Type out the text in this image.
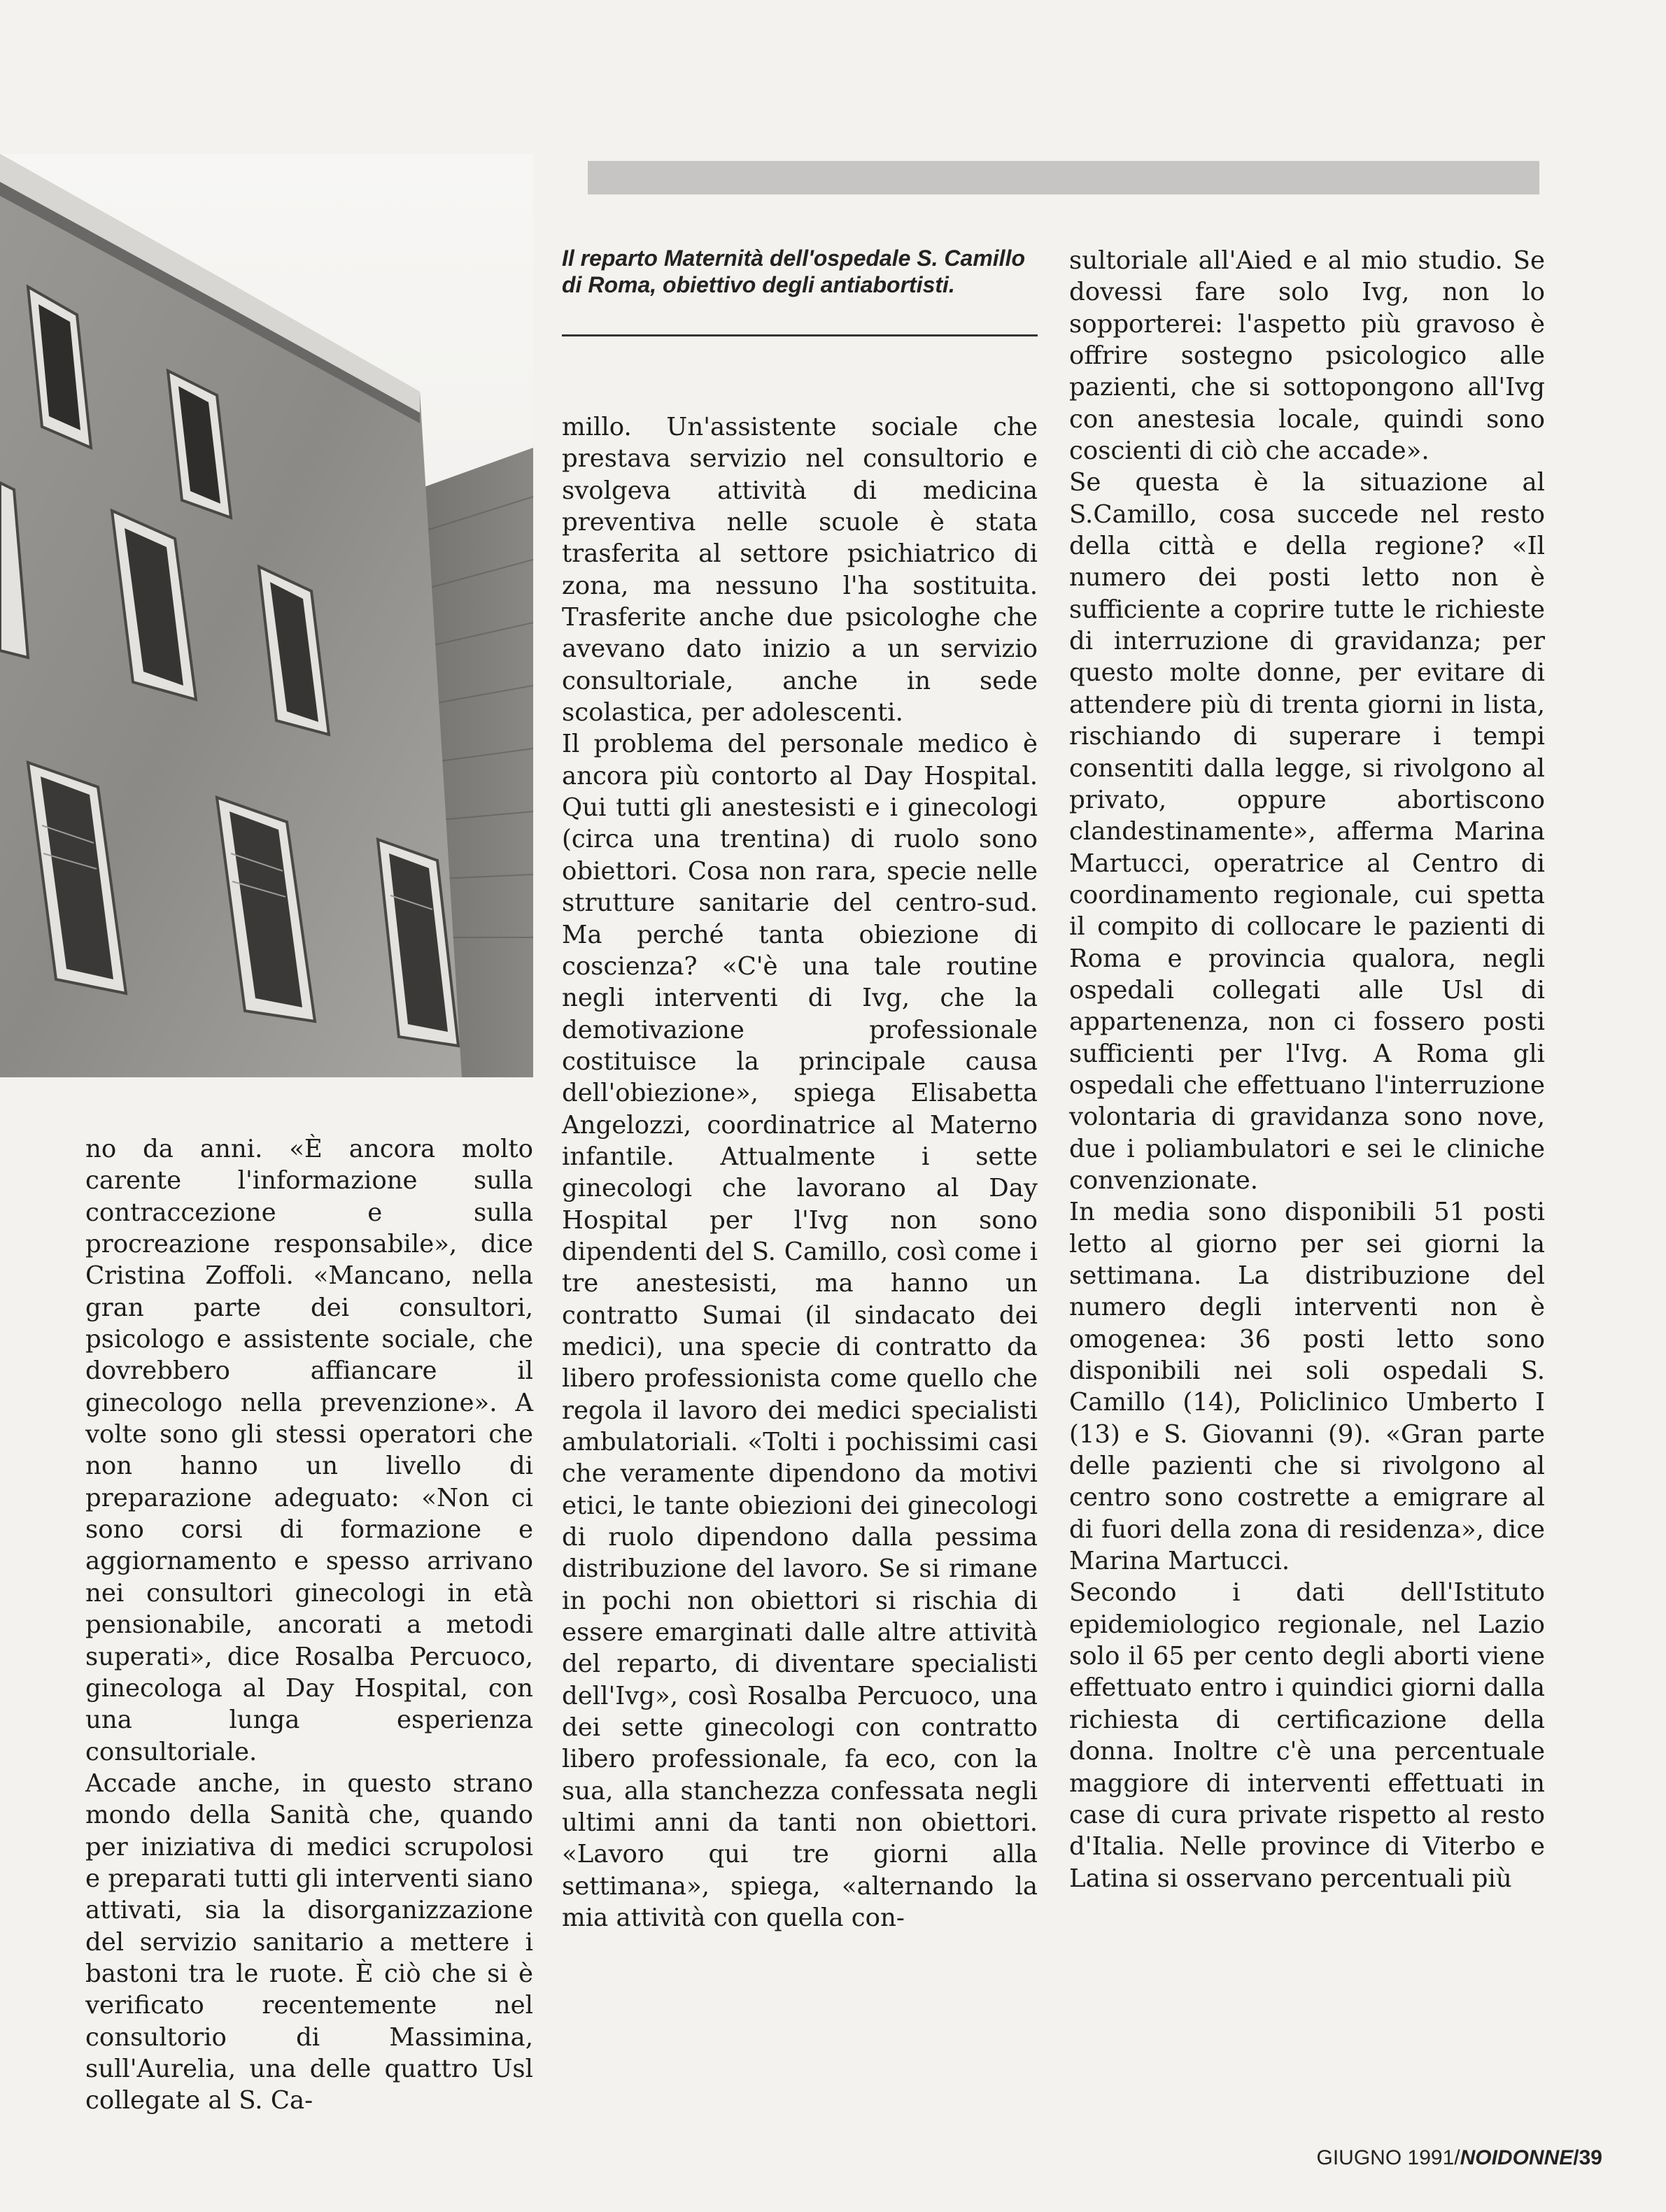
Il reparto Maternità dell'ospedale S. Camillo di Roma, obiettivo degli antiabortisti.

no da anni. «È ancora molto carente l'informazione sulla contraccezione e sulla procreazione responsabile», dice Cristina Zoffoli. «Mancano, nella gran parte dei consultori, psicologo e assistente sociale, che dovrebbero affiancare il ginecologo nella prevenzione». A volte sono gli stessi operatori che non hanno un livello di preparazione adeguato: «Non ci sono corsi di formazione e aggiornamento e spesso arrivano nei consultori ginecologi in età pensionabile, ancorati a metodi superati», dice Rosalba Percuoco, ginecologa al Day Hospital, con una lunga esperienza consultoriale.

Accade anche, in questo strano mondo della Sanità che, quando per iniziativa di medici scrupolosi e preparati tutti gli interventi siano attivati, sia la disorganizzazione del servizio sanitario a mettere i bastoni tra le ruote. È ciò che si è verificato recentemente nel consultorio di Massimina, sull'Aurelia, una delle quattro Usl collegate al S. Ca-

millo. Un'assistente sociale che prestava servizio nel consultorio e svolgeva attività di medicina preventiva nelle scuole è stata trasferita al settore psichiatrico di zona, ma nessuno l'ha sostituita. Trasferite anche due psicologhe che avevano dato inizio a un servizio consultoriale, anche in sede scolastica, per adolescenti.

Il problema del personale medico è ancora più contorto al Day Hospital. Qui tutti gli anestesisti e i ginecologi (circa una trentina) di ruolo sono obiettori. Cosa non rara, specie nelle strutture sanitarie del centro-sud. Ma perché tanta obiezione di coscienza? «C'è una tale routine negli interventi di Ivg, che la demotivazione professionale costituisce la principale causa dell'obiezione», spiega Elisabetta Angelozzi, coordinatrice al Materno infantile. Attualmente i sette ginecologi che lavorano al Day Hospital per l'Ivg non sono dipendenti del S. Camillo, così come i tre anestesisti, ma hanno un contratto Sumai (il sindacato dei medici), una specie di contratto da libero professionista come quello che regola il lavoro dei medici specialisti ambulatoriali. «Tolti i pochissimi casi che veramente dipendono da motivi etici, le tante obiezioni dei ginecologi di ruolo dipendono dalla pessima distribuzione del lavoro. Se si rimane in pochi non obiettori si rischia di essere emarginati dalle altre attività del reparto, di diventare specialisti dell'Ivg», così Rosalba Percuoco, una dei sette ginecologi con contratto libero professionale, fa eco, con la sua, alla stanchezza confessata negli ultimi anni da tanti non obiettori. «Lavoro qui tre giorni alla settimana», spiega, «alternando la mia attività con quella con-

sultoriale all'Aied e al mio studio. Se dovessi fare solo Ivg, non lo sopporterei: l'aspetto più gravoso è offrire sostegno psicologico alle pazienti, che si sottopongono all'Ivg con anestesia locale, quindi sono coscienti di ciò che accade».

Se questa è la situazione al S.Camillo, cosa succede nel resto della città e della regione? «Il numero dei posti letto non è sufficiente a coprire tutte le richieste di interruzione di gravidanza; per questo molte donne, per evitare di attendere più di trenta giorni in lista, rischiando di superare i tempi consentiti dalla legge, si rivolgono al privato, oppure abortiscono clandestinamente», afferma Marina Martucci, operatrice al Centro di coordinamento regionale, cui spetta il compito di collocare le pazienti di Roma e provincia qualora, negli ospedali collegati alle Usl di appartenenza, non ci fossero posti sufficienti per l'Ivg. A Roma gli ospedali che effettuano l'interruzione volontaria di gravidanza sono nove, due i poliambulatori e sei le cliniche convenzionate.

In media sono disponibili 51 posti letto al giorno per sei giorni la settimana. La distribuzione del numero degli interventi non è omogenea: 36 posti letto sono disponibili nei soli ospedali S. Camillo (14), Policlinico Umberto I (13) e S. Giovanni (9). «Gran parte delle pazienti che si rivolgono al centro sono costrette a emigrare al di fuori della zona di residenza», dice Marina Martucci.

Secondo i dati dell'Istituto epidemiologico regionale, nel Lazio solo il 65 per cento degli aborti viene effettuato entro i quindici giorni dalla richiesta di certificazione della donna. Inoltre c'è una percentuale maggiore di interventi effettuati in case di cura private rispetto al resto d'Italia. Nelle province di Viterbo e Latina si osservano percentuali più

GIUGNO 1991/NOIDONNE/39
